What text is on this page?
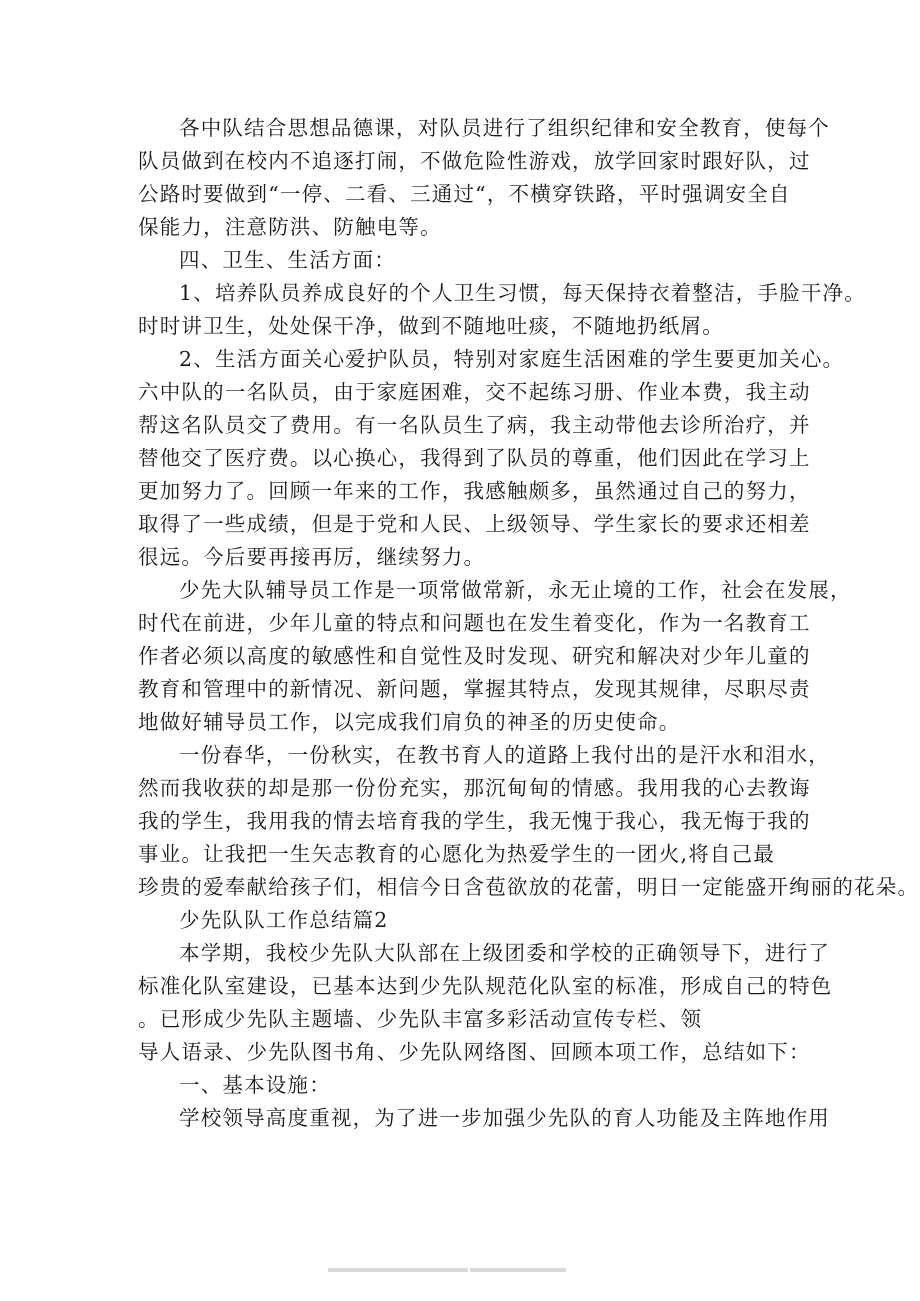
各中队结合思想品德课，对队员进行了组织纪律和安全教育，使每个
队员做到在校内不追逐打闹，不做危险性游戏，放学回家时跟好队，过
公路时要做到“一停、二看、三通过“，不横穿铁路，平时强调安全自
保能力，注意防洪、防触电等。

四、卫生、生活方面：

1、培养队员养成良好的个人卫生习惯，每天保持衣着整洁，手脸干净。
时时讲卫生，处处保干净，做到不随地吐痰，不随地扔纸屑。

2、生活方面关心爱护队员，特别对家庭生活困难的学生要更加关心。
六中队的一名队员，由于家庭困难，交不起练习册、作业本费，我主动
帮这名队员交了费用。有一名队员生了病，我主动带他去诊所治疗，并
替他交了医疗费。以心换心，我得到了队员的尊重，他们因此在学习上
更加努力了。回顾一年来的工作，我感触颇多，虽然通过自己的努力，
取得了一些成绩，但是于党和人民、上级领导、学生家长的要求还相差
很远。今后要再接再厉，继续努力。

少先大队辅导员工作是一项常做常新，永无止境的工作，社会在发展，
时代在前进，少年儿童的特点和问题也在发生着变化，作为一名教育工
作者必须以高度的敏感性和自觉性及时发现、研究和解决对少年儿童的
教育和管理中的新情况、新问题，掌握其特点，发现其规律，尽职尽责
地做好辅导员工作，以完成我们肩负的神圣的历史使命。

一份春华，一份秋实，在教书育人的道路上我付出的是汗水和泪水，
然而我收获的却是那一份份充实，那沉甸甸的情感。我用我的心去教诲
我的学生，我用我的情去培育我的学生，我无愧于我心，我无悔于我的
事业。让我把一生矢志教育的心愿化为热爱学生的一团火,将自己最
珍贵的爱奉献给孩子们，相信今日含苞欲放的花蕾，明日一定能盛开绚丽的花朵。

少先队队工作总结篇2

本学期，我校少先队大队部在上级团委和学校的正确领导下，进行了
标准化队室建设，已基本达到少先队规范化队室的标准，形成自己的特色
。已形成少先队主题墙、少先队丰富多彩活动宣传专栏、领

导人语录、少先队图书角、少先队网络图、回顾本项工作，总结如下：

一、基本设施：

学校领导高度重视，为了进一步加强少先队的育人功能及主阵地作用
